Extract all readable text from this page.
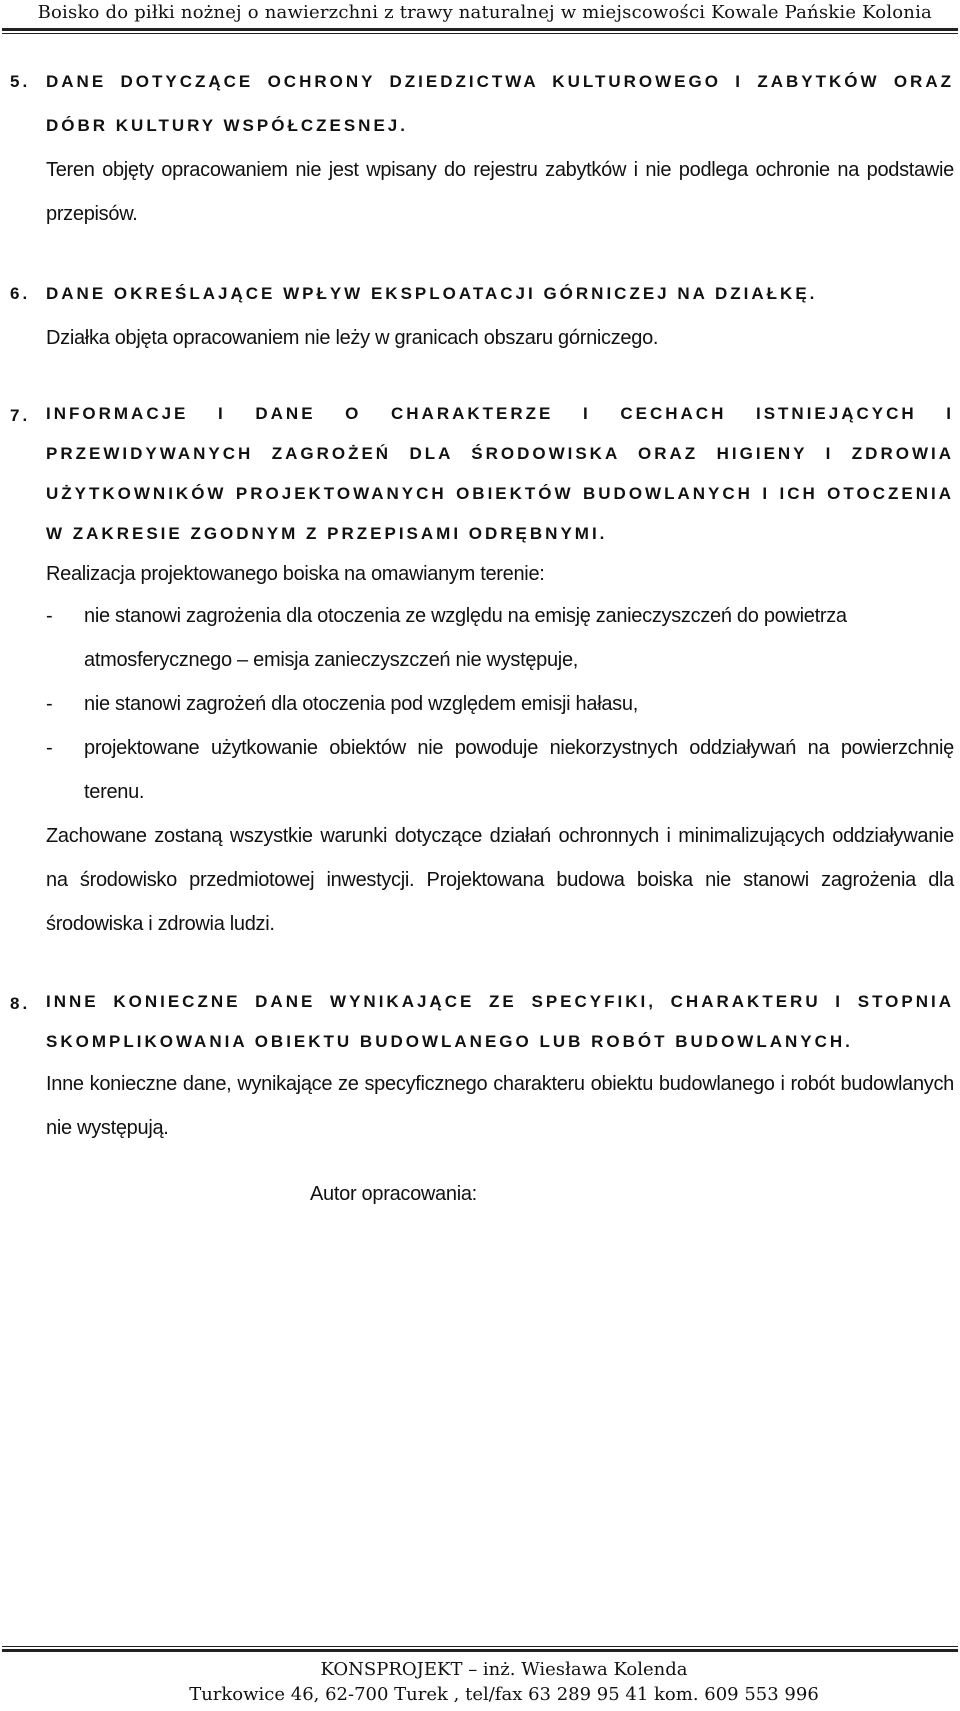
Boisko do piłki nożnej o nawierzchni z trawy naturalnej w miejscowości Kowale Pańskie Kolonia
5. DANE DOTYCZĄCE OCHRONY DZIEDZICTWA KULTUROWEGO I ZABYTKÓW ORAZ DÓBR KULTURY WSPÓŁCZESNEJ.

Teren objęty opracowaniem nie jest wpisany do rejestru zabytków i nie podlega ochronie na podstawie przepisów.

6. DANE OKREŚLAJĄCE WPŁYW EKSPLOATACJI GÓRNICZEJ NA DZIAŁKĘ.

Działka objęta opracowaniem nie leży w granicach obszaru górniczego.

7. INFORMACJE I DANE O CHARAKTERZE I CECHACH ISTNIEJĄCYCH I PRZEWIDYWANYCH ZAGROŻEŃ DLA ŚRODOWISKA ORAZ HIGIENY I ZDROWIA UŻYTKOWNIKÓW PROJEKTOWANYCH OBIEKTÓW BUDOWLANYCH I ICH OTOCZENIA W ZAKRESIE ZGODNYM Z PRZEPISAMI ODRĘBNYMI.

Realizacja projektowanego boiska na omawianym terenie:

- nie stanowi zagrożenia dla otoczenia ze względu na emisję zanieczyszczeń do powietrza atmosferycznego – emisja zanieczyszczeń nie występuje,
- nie stanowi zagrożeń dla otoczenia pod względem emisji hałasu,
- projektowane użytkowanie obiektów nie powoduje niekorzystnych oddziaływań na powierzchnię terenu.

Zachowane zostaną wszystkie warunki dotyczące działań ochronnych i minimalizujących oddziaływanie na środowisko przedmiotowej inwestycji. Projektowana budowa boiska nie stanowi zagrożenia dla środowiska i zdrowia ludzi.

8. INNE KONIECZNE DANE WYNIKAJĄCE ZE SPECYFIKI, CHARAKTERU I STOPNIA SKOMPLIKOWANIA OBIEKTU BUDOWLANEGO LUB ROBÓT BUDOWLANYCH.

Inne konieczne dane, wynikające ze specyficznego charakteru obiektu budowlanego i robót budowlanych nie występują.

Autor opracowania:

KONSPROJEKT – inż. Wiesława Kolenda
Turkowice 46, 62-700 Turek , tel/fax 63 289 95 41 kom. 609 553 996
